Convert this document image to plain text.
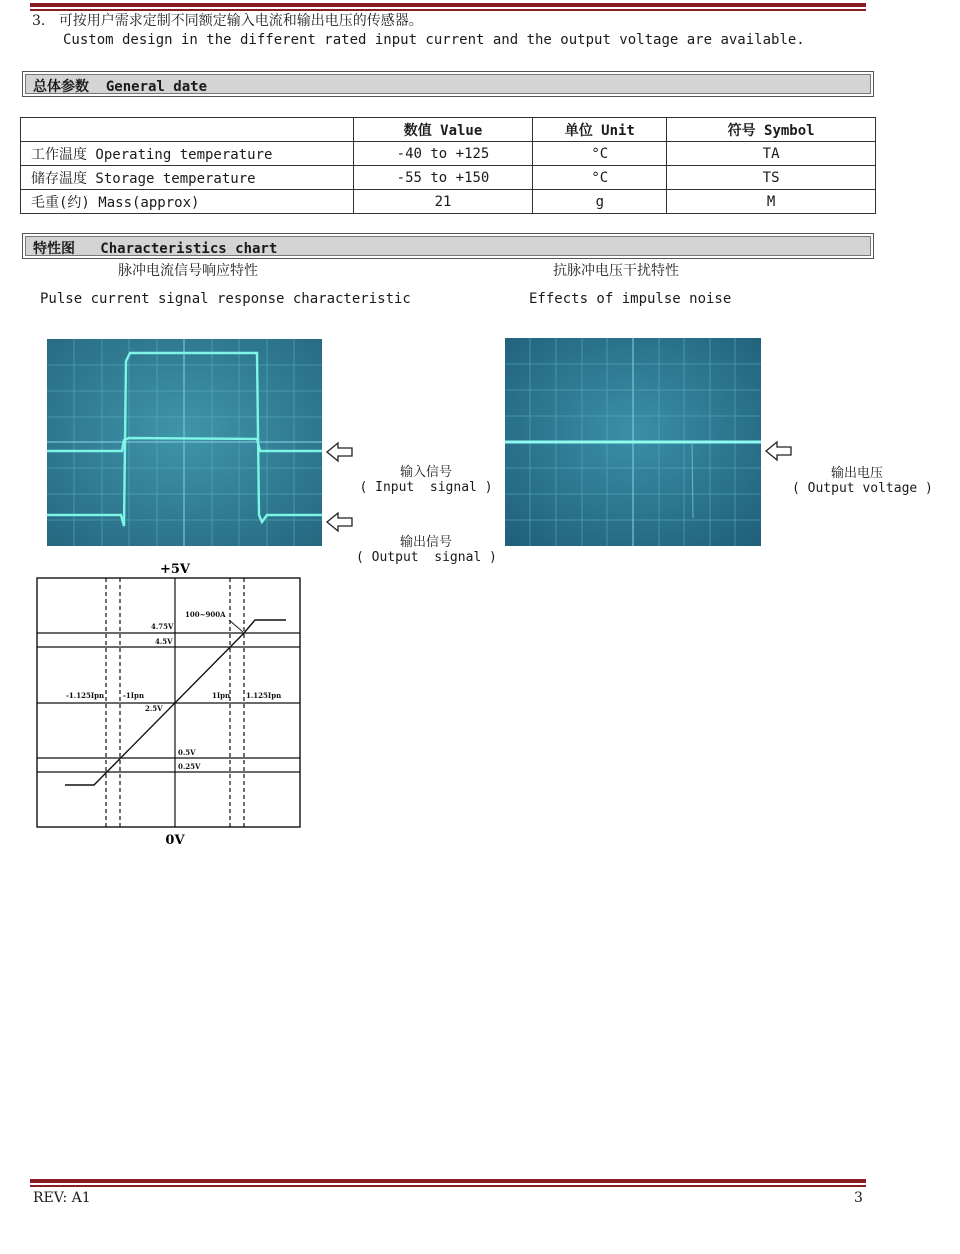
3. 可按用户需求定制不同额定输入电流和输出电压的传感器。
Custom design in the different rated input current and the output voltage are available.
总体参数  General date
	数值 Value	单位 Unit	符号 Symbol
工作温度 Operating temperature	-40 to +125	°C	TA
储存温度 Storage temperature	-55 to +150	°C	TS
毛重(约) Mass(approx)	21	g	M
特性图   Characteristics chart
脉冲电流信号响应特性
Pulse current signal response characteristic
抗脉冲电压干扰特性
Effects of impulse noise

输入信号
( Input  signal )

输出信号
( Output  signal )

输出电压
( Output voltage )

+5V
100~900A
4.75V
4.5V
2.5V
0.5V
0.25V
-1.125Ipn	-1Ipn	1Ipn 1.125Ipn
0V
REV: A1	3
